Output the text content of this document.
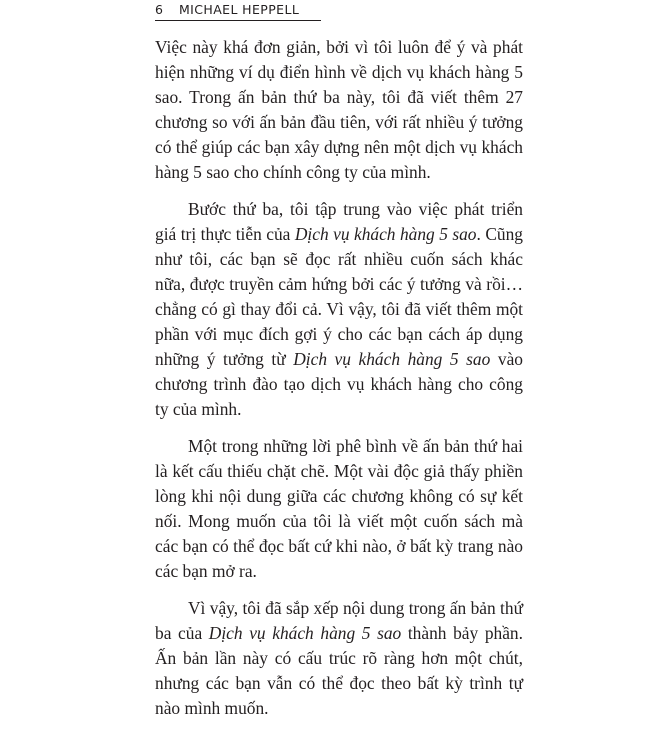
6 MICHAEL HEPPELL

Việc này khá đơn giản, bởi vì tôi luôn để ý và phát hiện những ví dụ điển hình về dịch vụ khách hàng 5 sao. Trong ấn bản thứ ba này, tôi đã viết thêm 27 chương so với ấn bản đầu tiên, với rất nhiều ý tưởng có thể giúp các bạn xây dựng nên một dịch vụ khách hàng 5 sao cho chính công ty của mình.

Bước thứ ba, tôi tập trung vào việc phát triển giá trị thực tiễn của Dịch vụ khách hàng 5 sao. Cũng như tôi, các bạn sẽ đọc rất nhiều cuốn sách khác nữa, được truyền cảm hứng bởi các ý tưởng và rồi… chẳng có gì thay đổi cả. Vì vậy, tôi đã viết thêm một phần với mục đích gợi ý cho các bạn cách áp dụng những ý tưởng từ Dịch vụ khách hàng 5 sao vào chương trình đào tạo dịch vụ khách hàng cho công ty của mình.

Một trong những lời phê bình về ấn bản thứ hai là kết cấu thiếu chặt chẽ. Một vài độc giả thấy phiền lòng khi nội dung giữa các chương không có sự kết nối. Mong muốn của tôi là viết một cuốn sách mà các bạn có thể đọc bất cứ khi nào, ở bất kỳ trang nào các bạn mở ra.

Vì vậy, tôi đã sắp xếp nội dung trong ấn bản thứ ba của Dịch vụ khách hàng 5 sao thành bảy phần. Ấn bản lần này có cấu trúc rõ ràng hơn một chút, nhưng các bạn vẫn có thể đọc theo bất kỳ trình tự nào mình muốn.
